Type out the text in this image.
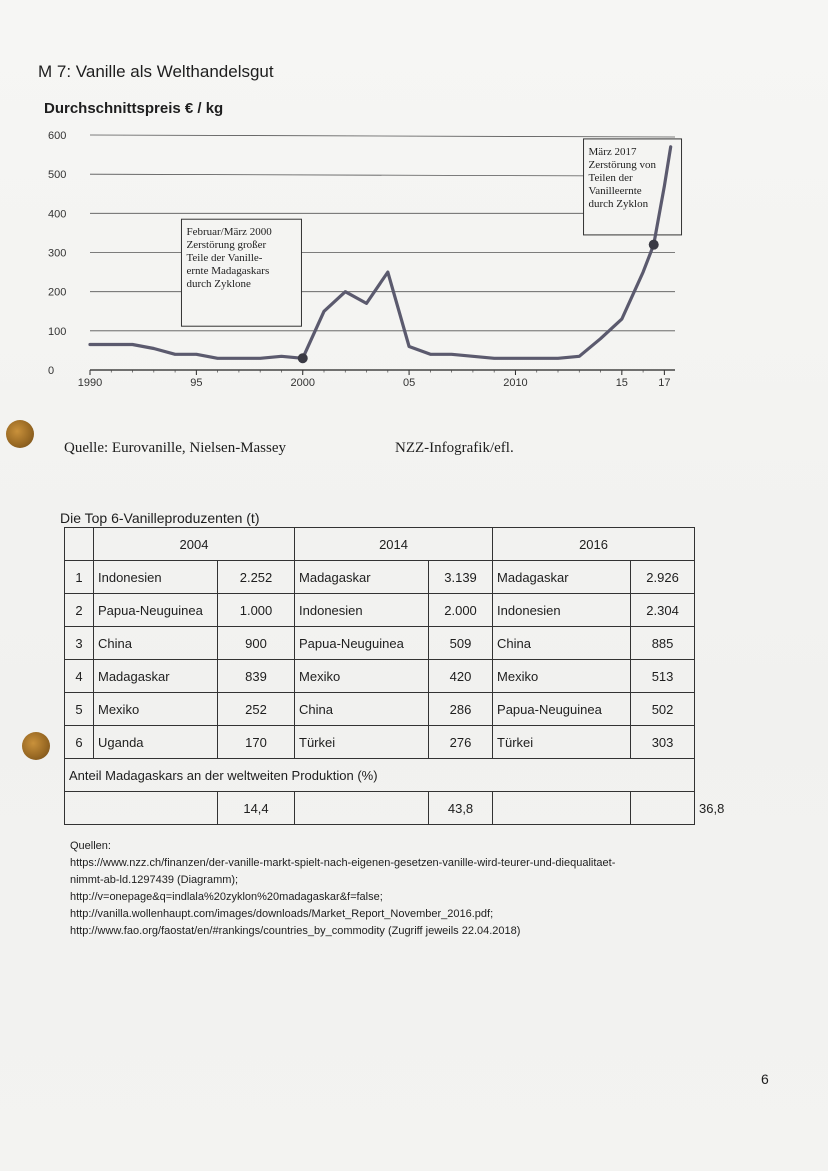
M 7: Vanille als Welthandelsgut
Durchschnittspreis € / kg
0
100
200
300
400
500
600
1990	95	2000	05	2010	15	17
Februar/März 2000
Zerstörung großer
Teile der Vanille-
ernte Madagaskars
durch Zyklone
März 2017
Zerstörung von
Teilen der
Vanilleernte
durch Zyklon
Quelle: Eurovanille, Nielsen-Massey	NZZ-Infografik/efl.
Die Top 6-Vanilleproduzenten (t)
	2004		2014		2016		
1	Indonesien	2.252	Madagaskar	3.139	Madagaskar	2.926	
2	Papua-Neuguinea	1.000	Indonesien	2.000	Indonesien	2.304	
3	China	900	Papua-Neuguinea	509	China	885	
4	Madagaskar	839	Mexiko	420	Mexiko	513	
5	Mexiko	252	China	286	Papua-Neuguinea	502	
6	Uganda	170	Türkei	276	Türkei	303	
Anteil Madagaskars an der weltweiten Produktion (%)							
		14,4		43,8			36,8
Quellen:
https://www.nzz.ch/finanzen/der-vanille-markt-spielt-nach-eigenen-gesetzen-vanille-wird-teurer-und-diequalitaet-
nimmt-ab-ld.1297439 (Diagramm);
http://v=onepage&q=indlala%20zyklon%20madagaskar&f=false;
http://vanilla.wollenhaupt.com/images/downloads/Market_Report_November_2016.pdf;
http://www.fao.org/faostat/en/#rankings/countries_by_commodity (Zugriff jeweils 22.04.2018)
6
